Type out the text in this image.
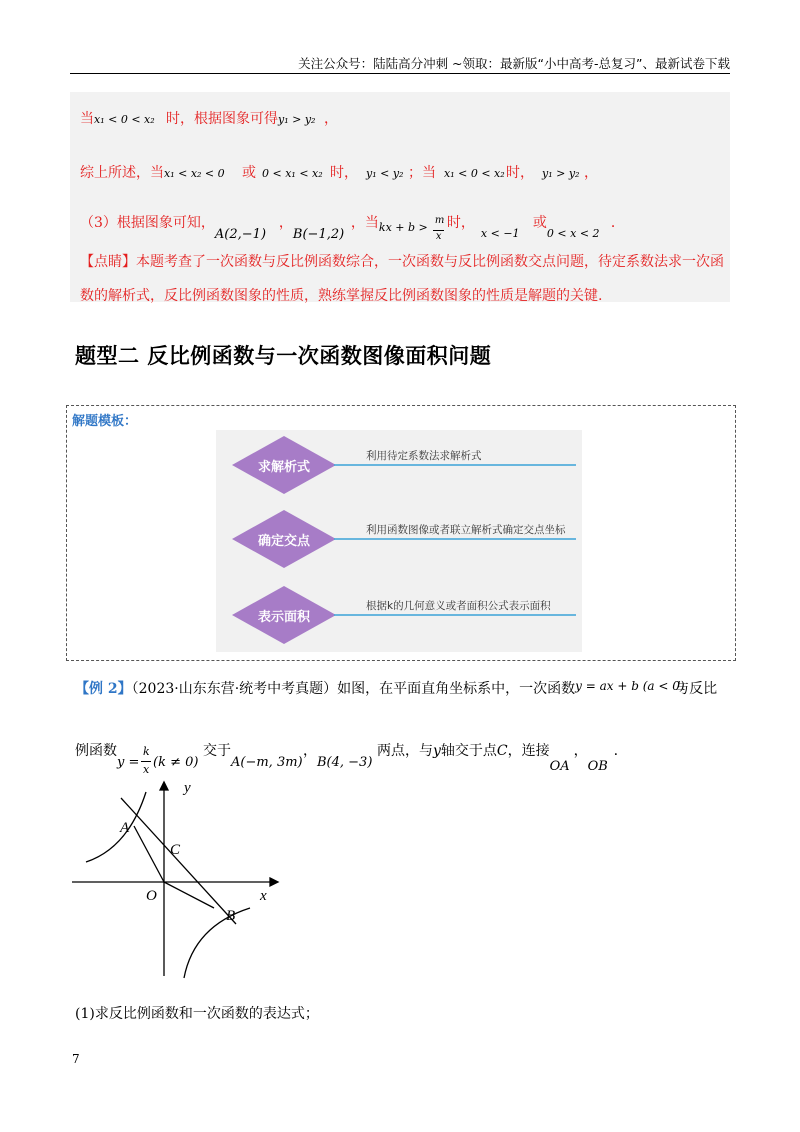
关注公众号：陆陆高分冲刺 ~领取：最新版“小中高考-总复习”、最新试卷下载
当 x₁ < 0 < x₂ 时，根据图象可得 y₁ > y₂ ，
综上所述，当 x₁ < x₂ < 0 或 0 < x₁ < x₂ 时， y₁ < y₂ ；当 x₁ < 0 < x₂ 时， y₁ > y₂ ，
（3）根据图象可知，
A(2,−1)
，
B(−1,2)
，当 kx + b >
m
x
时，
x < −1
或
0 < x < 2
．
【点睛】本题考查了一次函数与反比例函数综合，一次函数与反比例函数交点问题，待定系数法求一次函
数的解析式，反比例函数图象的性质，熟练掌握反比例函数图象的性质是解题的关键.
题型二 反比例函数与一次函数图像面积问题
解题模板：
求解析式
利用待定系数法求解析式
确定交点
利用函数图像或者联立解析式确定交点坐标
表示面积
根据k的几何意义或者面积公式表示面积
【例 2】（2023·山东东营·统考中考真题）如图，在平面直角坐标系中，一次函数 y = ax + b (a < 0)
与反比
例函数
y =
k
x (k ≠ 0)
交于
A(−m, 3m)
，
B(4, −3)
两点，与y轴交于点C，连接
OA
，
OB
.
y
x
O
A
C
B
(1)求反比例函数和一次函数的表达式；
7
